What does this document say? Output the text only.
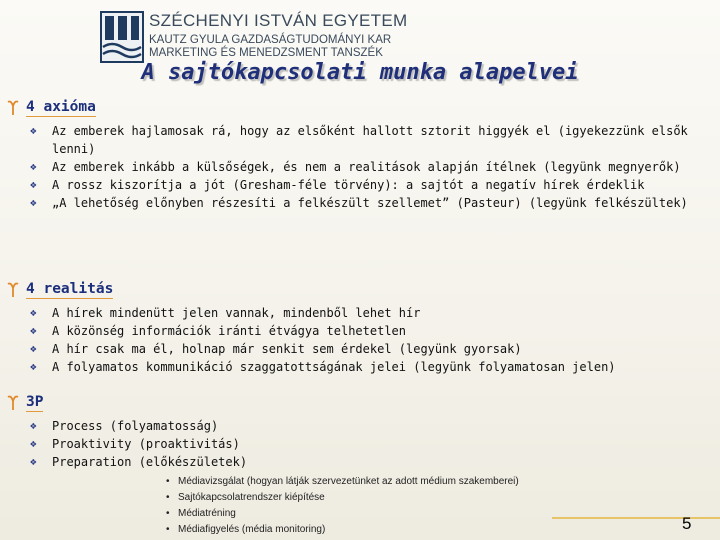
SZÉCHENYI ISTVÁN EGYETEM
KAUTZ GYULA GAZDASÁGTUDOMÁNYI KAR
MARKETING ÉS MENEDZSMENT TANSZÉK
A sajtókapcsolati munka alapelvei
4 axióma
❖ Az emberek hajlamosak rá, hogy az elsőként hallott sztorit higgyék el (igyekezzünk elsők lenni)
❖ Az emberek inkább a külsőségek, és nem a realitások alapján ítélnek (legyünk megnyerők)
❖ A rossz kiszorítja a jót (Gresham-féle törvény): a sajtót a negatív hírek érdeklik
❖ „A lehetőség előnyben részesíti a felkészült szellemet” (Pasteur) (legyünk felkészültek)
4 realitás
❖ A hírek mindenütt jelen vannak, mindenből lehet hír
❖ A közönség információk iránti étvágya telhetetlen
❖ A hír csak ma él, holnap már senkit sem érdekel (legyünk gyorsak)
❖ A folyamatos kommunikáció szaggatottságának jelei (legyünk folyamatosan jelen)
3P
❖ Process (folyamatosság)
❖ Proaktivity (proaktivitás)
❖ Preparation (előkészületek)
• Médiavizsgálat (hogyan látják szervezetünket az adott médium szakemberei)
• Sajtókapcsolatrendszer kiépítése
• Médiatréning
• Médiafigyelés (média monitoring)	5
